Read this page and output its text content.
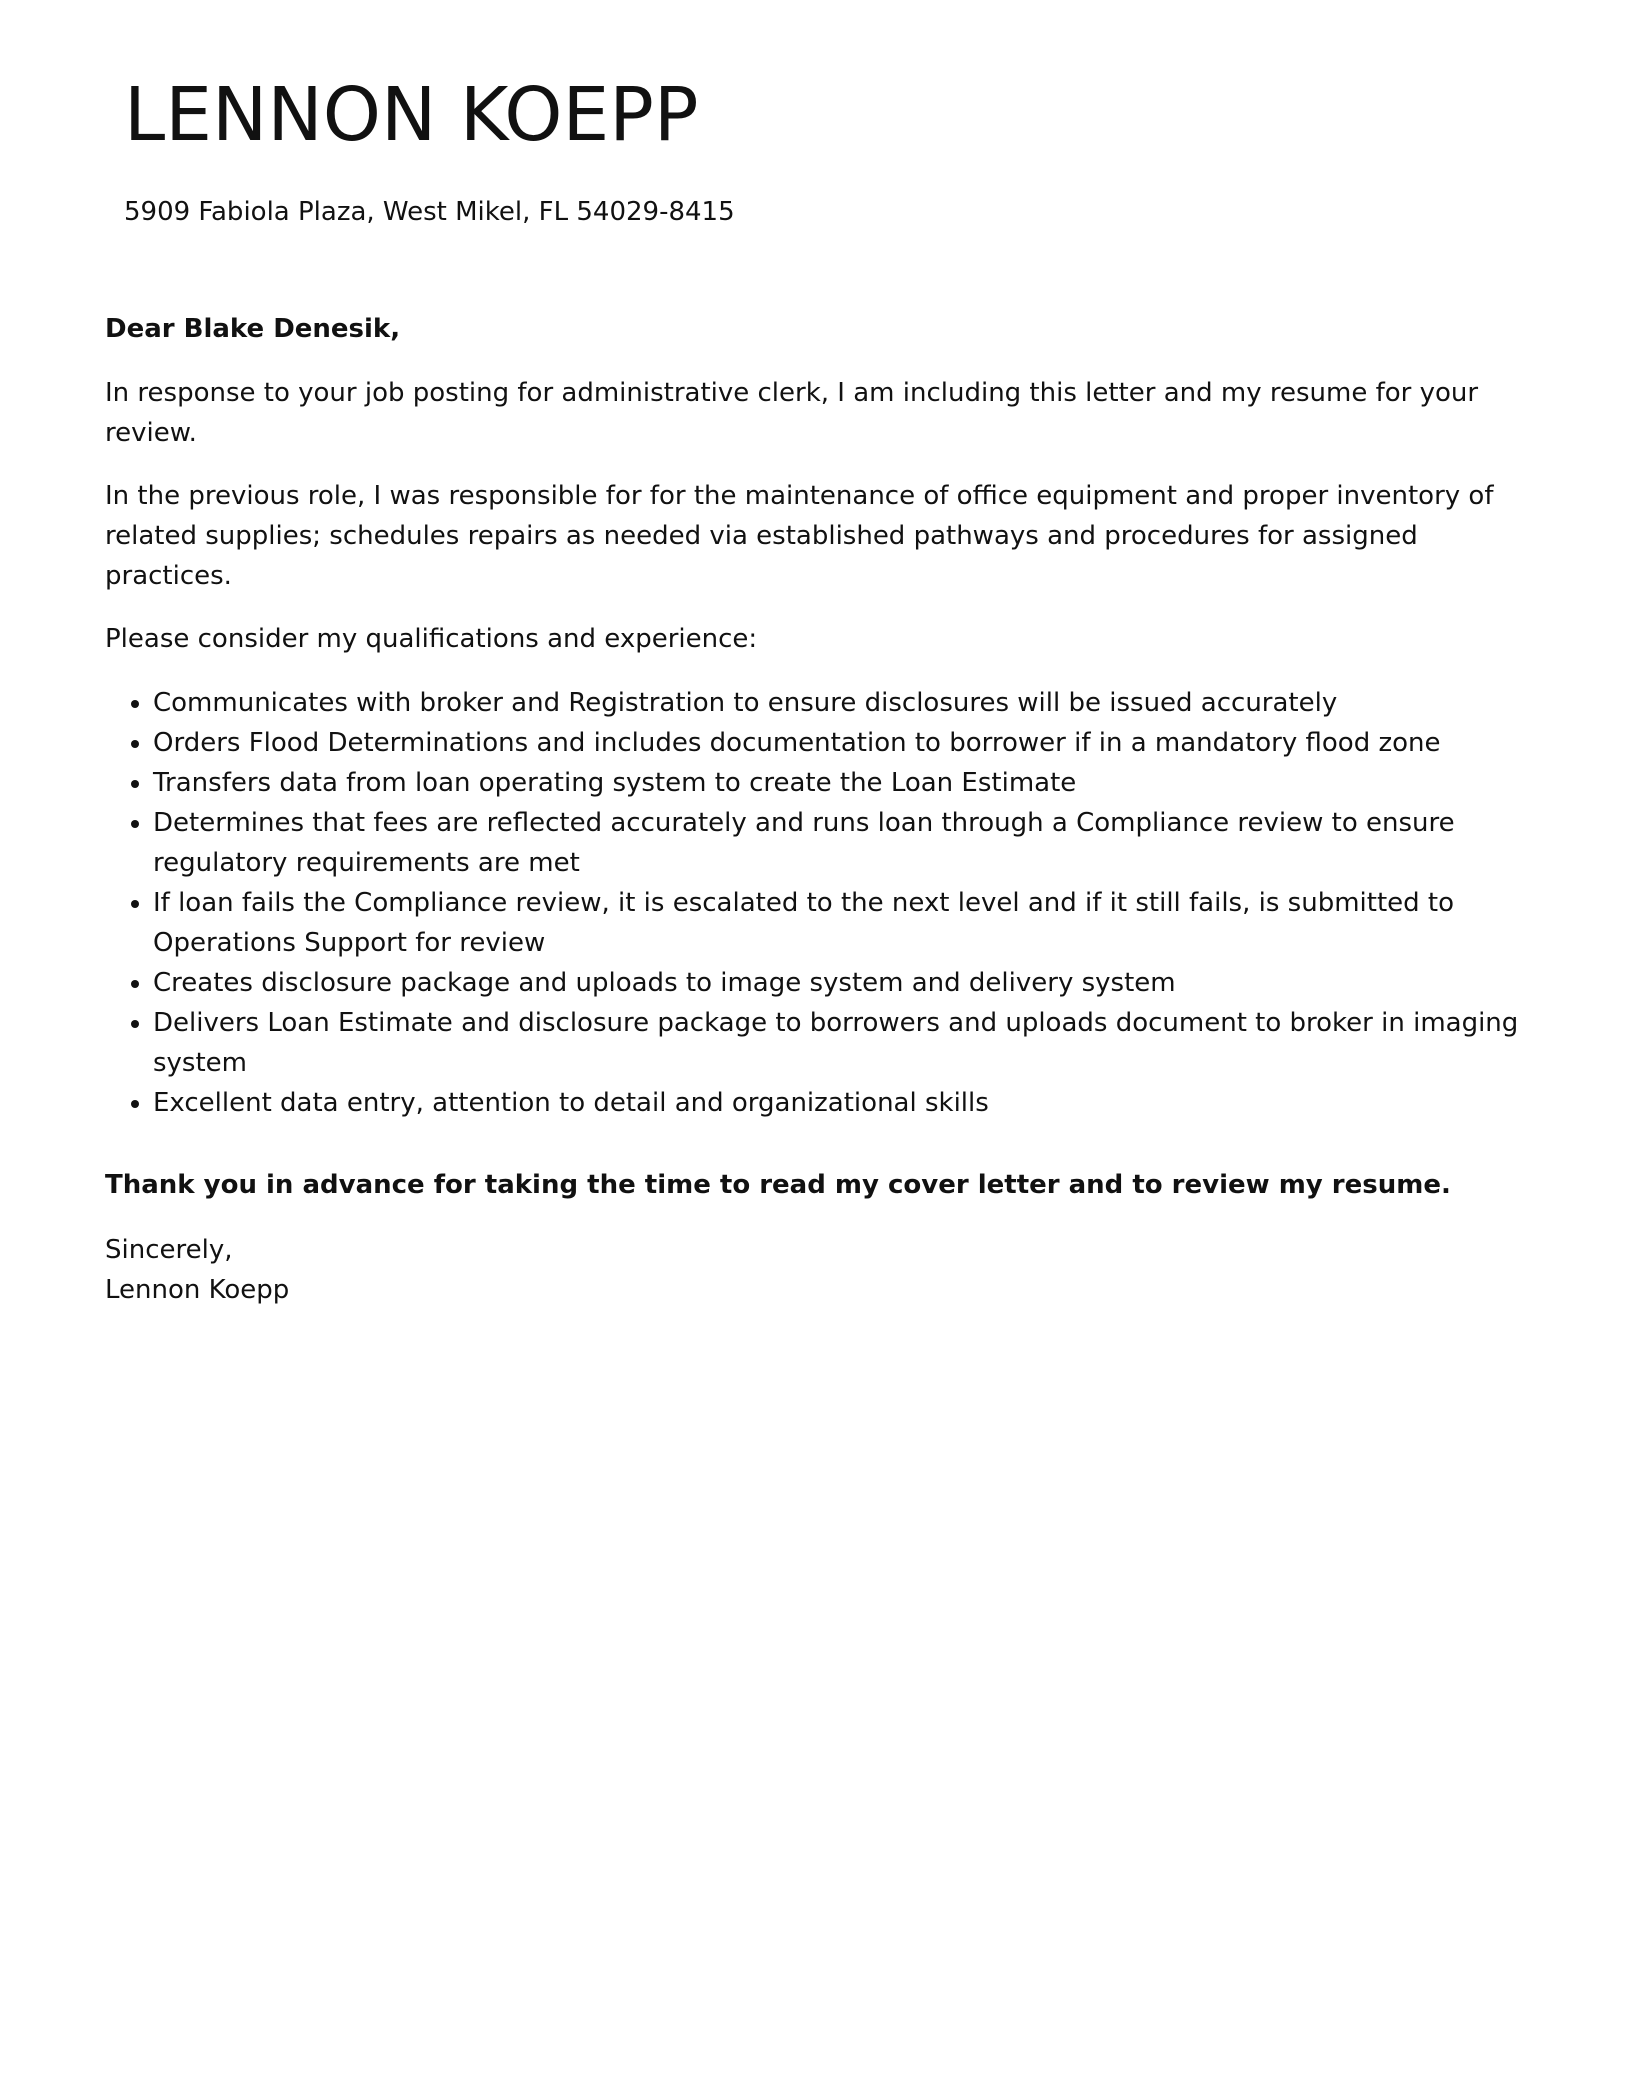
LENNON KOEPP
5909 Fabiola Plaza, West Mikel, FL 54029-8415

Dear Blake Denesik,

In response to your job posting for administrative clerk, I am including this letter and my resume for your review.

In the previous role, I was responsible for for the maintenance of office equipment and proper inventory of related supplies; schedules repairs as needed via established pathways and procedures for assigned practices.

Please consider my qualifications and experience:

• Communicates with broker and Registration to ensure disclosures will be issued accurately
• Orders Flood Determinations and includes documentation to borrower if in a mandatory flood zone
• Transfers data from loan operating system to create the Loan Estimate
• Determines that fees are reflected accurately and runs loan through a Compliance review to ensure regulatory requirements are met
• If loan fails the Compliance review, it is escalated to the next level and if it still fails, is submitted to Operations Support for review
• Creates disclosure package and uploads to image system and delivery system
• Delivers Loan Estimate and disclosure package to borrowers and uploads document to broker in imaging system
• Excellent data entry, attention to detail and organizational skills

Thank you in advance for taking the time to read my cover letter and to review my resume.

Sincerely,
Lennon Koepp
